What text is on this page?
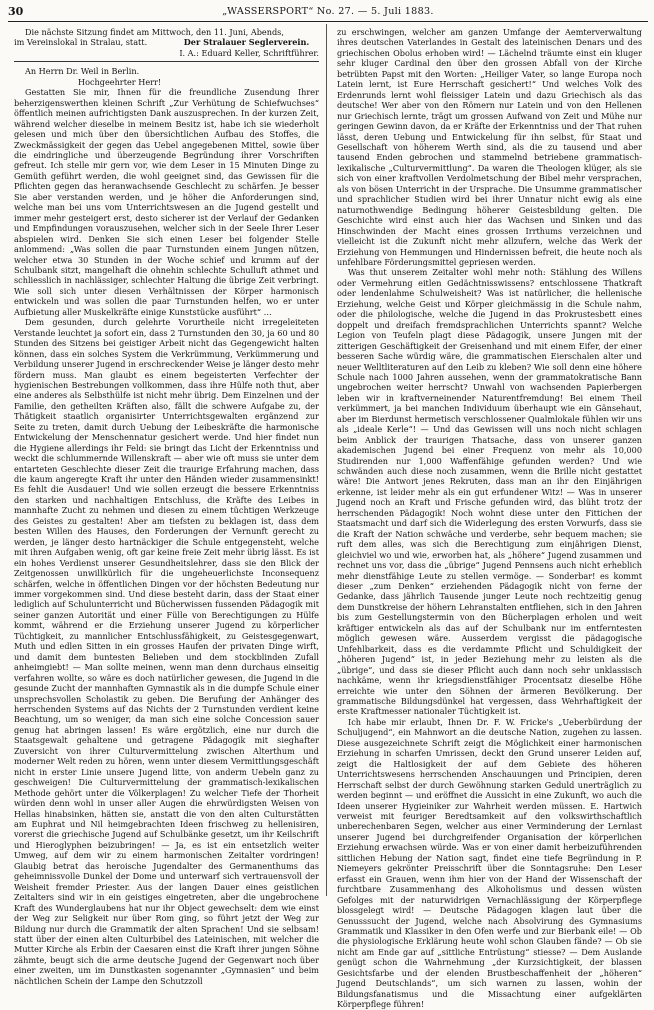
30	„WASSERSPORT“ No. 27. — 5. Juli 1883.

Die nächste Sitzung findet am Mittwoch, den 11. Juni, Abends,

im Vereinslokal in Stralau, statt.	Der Stralauer Seglerverein.

I. A.: Eduard Keller, Schriftführer.

An Herrn Dr. Weil in Berlin.

Hochgeehrter Herr!

Gestatten Sie mir, Ihnen für die freundliche Zusendung Ihrer beherzigenswerthen kleinen Schrift „Zur Verhütung de Schiefwuchses“ öffentlich meinen aufrichtigsten Dank auszusprechen. In der kurzen Zeit, während welcher dieselbe in meinem Besitz ist, habe ich sie wiederholt gelesen und mich über den übersichtlichen Aufbau des Stoffes, die Zweckmässigkeit der gegen das Uebel angegebenen Mittel, sowie über die eindringliche und überzeugende Begründung ihrer Vorschriften gefreut. Ich stelle mir gern vor, wie dem Leser in 15 Minuten Dinge zu Gemüth geführt werden, die wohl geeignet sind, das Gewissen für die Pflichten gegen das heranwachsende Geschlecht zu schärfen. Je besser Sie aber verstanden werden, und je höher die Anforderungen sind, welche man bei uns vom Unterrichtswesen an die Jugend gestellt und immer mehr gesteigert erst, desto sicherer ist der Verlauf der Gedanken und Empfindungen vorauszusehen, welcher sich in der Seele Ihrer Leser abspielen wird. Denken Sie sich einen Leser bei folgender Stelle anlommend: „Was sollen die paar Turnstunden einem Jungen nützen, welcher etwa 30 Stunden in der Woche schief und krumm auf der Schulbank sitzt, mangelhaft die ohnehin schlechte Schulluft athmet und schliesslich in nachlässiger, schlechter Haltung die übrige Zeit verbringt. Wie soll sich unter diesen Verhältnissen der Körper harmonisch entwickeln und was sollen die paar Turnstunden helfen, wo er unter Aufbietung aller Muskelkräfte einige Kunststücke ausführt“ …

Dem gesunden, durch gelehrte Vorurtheile nicht irregeleiteten Verstande leuchtet ja sofort ein, dass 2 Turnstunden den 30, ja 60 und 80 Stunden des Sitzens bei geistiger Arbeit nicht das Gegengewicht halten können, dass ein solches System die Verkrümmung, Verkümmerung und Verbildung unserer Jugend in erschreckender Weise je länger desto mehr fördern muss. Man glaubt es einem begeisterten Verfechter der hygienischen Bestrebungen vollkommen, dass ihre Hülfe noth thut, aber eine anderes als Selbsthülfe ist nicht mehr übrig. Dem Einzelnen und der Familie, den getheilten Kräften also, fällt die schwere Aufgabe zu, der Thätigkeit staatlich organisirter Unterrichtsgewalten ergänzend zur Seite zu treten, damit durch Uebung der Leibeskräfte die harmonische Entwickelung der Menschennatur gesichert werde. Und hier findet nun die Hygiene allerdings ihr Feld: sie bringt das Licht der Erkenntniss und weckt die schlummernde Willenskraft — aber wie oft muss sie unter dem entarteten Geschlechte dieser Zeit die traurige Erfahrung machen, dass die kaum angeregte Kraft ihr unter den Händen wieder zusammensinkt! Es fehlt die Ausdauer! Und wie sollen erzeugt die bessere Erkenntniss den starken und nachhaltigen Entschluss, die Kräfte des Leibes in mannhafte Zucht zu nehmen und diesen zu einem tüchtigen Werkzeuge des Geistes zu gestalten! Aber am tiefsten zu beklagen ist, dass dem besten Willen des Hauses, den Forderungen der Vernunft gerecht zu werden, je länger desto hartnäckiger die Schule entgegensteht, welche mit ihren Aufgaben wenig, oft gar keine freie Zeit mehr übrig lässt. Es ist ein hohes Verdienst unserer Gesundheitslehrer, dass sie den Blick der Zeitgenossen unwillkürlich für die ungeheuerlichste Inconsequenz schärfen, welche in öffentlichen Dingen vor der höchsten Bedeutung nur immer vorgekommen sind. Und diese besteht darin, dass der Staat einer lediglich auf Schulunterricht und Bücherwissen fussenden Pädagogik mit seiner ganzen Autorität und einer Fülle von Berechtigungen zu Hülfe kommt, während er die Erziehung unserer Jugend zu körperlicher Tüchtigkeit, zu mannlicher Entschlussfähigkeit, zu Geistesgegenwart, Muth und edlen Sitten in ein grosses Haufen der privaten Dinge wirft, und damit dem buntesten Belieben und dem stockblinden Zufall anheimgiebt! — Man sollte meinen, wenn man denn durchaus einseitig verfahren wollte, so wäre es doch natürlicher gewesen, die Jugend in die gesunde Zucht der mannhaften Gymnastik als in die dumpfe Schule einer unsprechsvollen Scholastik zu geben. Die Berufung der Anhänger des herrschenden Systems auf das Nichts der 2 Turnstunden verdient keine Beachtung, um so weniger, da man sich eine solche Concession sauer genug hat abringen lassen! Es wäre ergötzlich, eine nur durch die Staatsgewalt gehaltene und getragene Pädagogik mit sieghafter Zuversicht von ihrer Culturvermittelung zwischen Alterthum und moderner Welt reden zu hören, wenn unter diesem Vermittlungsgeschäft nicht in erster Linie unsere Jugend litte, von anderm Uebeln ganz zu geschweigen! Die Culturvermittelung der grammatisch-lexikalischen Methode gehört unter die Völkerplagen! Zu welcher Tiefe der Thorheit würden denn wohl in unser aller Augen die ehrwürdigsten Weisen von Hellas hinabsinken, hätten sie, anstatt die von den alten Culturstätten am Euphrat und Nil heimgebrachten Ideen frischweg zu hellenisiren, vorerst die griechische Jugend auf Schulbänke gesetzt, um ihr Keilschrift und Hieroglyphen beizubringen! — Ja, es ist ein entsetzlich weiter Umweg, auf dem wir zu einem harmonischen Zeitalter vordringen! Glaubig betrat das heroische Jugendalter des Germanenthums das geheimnissvolle Dunkel der Dome und unterwarf sich vertrauensvoll der Weisheit fremder Priester. Aus der langen Dauer eines geistlichen Zeitalters sind wir in ein geistiges eingetreten, aber die ungebrochene Kraft des Wunderglaubens hat nur ihr Object gewechselt: dem wie einst der Weg zur Seligkeit nur über Rom ging, so führt jetzt der Weg zur Bildung nur durch die Grammatik der alten Sprachen! Und sie selbsam! statt über der einen alten Culturbibel des Lateinischen, mit welcher die Mutter Kirche als Erbin der Caesaren einst die Kraft ihrer jungen Söhne zähmte, beugt sich die arme deutsche Jugend der Gegenwart noch über einer zweiten, um im Dunstkasten sogenannter „Gymnasien“ und beim nächtlichen Schein der Lampe den Schutzzoll

zu erschwingen, welcher am ganzen Umfange der Aemterverwaltung ihres deutschen Vaterlandes in Gestalt des lateinischen Denars und des griechischen Obolus erhoben wird! — Lächelnd träumte einst ein kluger sehr kluger Cardinal den über den grossen Abfall von der Kirche betrübten Papst mit den Worten: „Heiliger Vater, so lange Europa noch Latein lernt, ist Eure Herrschaft gesichert!“ Und welches Volk des Erdenrunds lernt wohl fleissiger Latein und dazu Griechisch als das deutsche! Wer aber von den Römern nur Latein und von den Hellenen nur Griechisch lernte, trägt um grossen Aufwand von Zeit und Mühe nur geringen Gewinn davon, da er Kräfte der Erkenntniss und der That ruhen lässt, deren Uebung und Entwickelung für ihn selbst, für Staat und Gesellschaft von höherem Werth sind, als die zu tausend und aber tausend Enden gebrochen und stammelnd betriebene grammatisch-lexikalische „Culturvermittlung“. Da waren die Theologen klüger, als sie sich von einer kraftvollen Verdolmetschung der Bibel mehr versprachen, als von bösen Unterricht in der Ursprache. Die Unsumme grammatischer und sprachlicher Studien wird bei ihrer Unnatur nicht ewig als eine naturnothwendige Bedingung höherer Geistesbildung gelten. Die Geschichte wird einst auch hier das Wachsen und Sinken und das Hinschwinden der Macht eines grossen Irrthums verzeichnen und vielleicht ist die Zukunft nicht mehr allzufern, welche das Werk der Erziehung von Hemmungen und Hindernissen befreit, die heute noch als unfehlbare Förderungsmittel gepriesen werden.

Was thut unserem Zeitalter wohl mehr noth: Stählung des Willens oder Vermehrung eitlen Gedächtnisswissens? entschlossene Thatkraft oder lendenlahme Schulweisheit? Was ist natürlicher, die hellenische Erziehung, welche Geist und Körper gleichmässig in die Schule nahm, oder die philologische, welche die Jugend in das Prokrustesbett eines doppelt und dreifach fremdsprachlichen Unterrichts spannt? Welche Legion von Teufeln plagt diese Pädagogik, unsere Jungen mit der zitterigen Geschäftigkeit der Greisenhand und mit einem Eifer, der einer besseren Sache würdig wäre, die grammatischen Eierschalen alter und neuer Welltliteraturen auf den Leib zu kleben? Wie soll denn eine höhere Schule nach 1000 Jahren aussehen, wenn der grammatokratische Bann ungebrochen weiter herrscht? Unwahl von wachsenden Papierbergen leben wir in kraftverneinender Naturentfremdung! Bei einem Theil verkümmert, ja bei manchen Individuum überhaupt wie ein Gänsehaut, aber im Bierdunst hermetisch verschlossener Qualmlokale fühlen wir uns als „ideale Kerle“! — Und das Gewissen will uns noch nicht schlagen beim Anblick der traurigen Thatsache, dass von unserer ganzen akademischen Jugend bei einer Frequenz von mehr als 10,000 Studirenden nur 1,000 Waffenfähige gefunden werden? Und wie schwänden auch diese noch zusammen, wenn die Brille nicht gestattet wäre! Die Antwort jenes Rekruten, dass man an ihr den Einjährigen erkenne, ist leider mehr als ein gut erfundener Witz! — Was in unserer Jugend noch an Kraft und Frische gefunden wird, das blüht trotz der herrschenden Pädagogik! Noch wohnt diese unter den Fittichen der Staatsmacht und darf sich die Widerlegung des ersten Vorwurfs, dass sie die Kraft der Nation schwäche und verderbe, sehr bequem machen; sie ruft dem alles, was sich die Berechtigung zum einjährigen Dienst, gleichviel wo und wie, erworben hat, als „höhere“ Jugend zusammen und rechnet uns vor, dass die „übrige“ Jugend Pennsens auch nicht erheblich mehr dienstfähige Leute zu stellen vermöge. — Sonderbar! es kommt dieser „zum Denken“ erziehenden Pädagogik nicht von ferne der Gedanke, dass jährlich Tausende junger Leute noch rechtzeitig genug dem Dunstkreise der höhern Lehranstalten entfliehen, sich in den Jahren bis zum Gestellungstermin von den Bücherplagen erholen und weit kräftiger entwickeln als das auf der Schulbank nur im entferntesten möglich gewesen wäre. Ausserdem vergisst die pädagogische Unfehlbarkeit, dass es die verdammte Pflicht und Schuldigkeit der „höheren Jugend“ ist, in jeder Beziehung mehr zu leisten als die „übrige“, und dass sie dieser Pflicht auch dann noch sehr unklassisch nachkäme, wenn ihr kriegsdienstfähiger Procentsatz dieselbe Höhe erreichte wie unter den Söhnen der ärmeren Bevölkerung. Der grammatische Bildungsdünkel hat vergessen, dass Wehrhaftigkeit der erste Kraftmesser nationaler Tüchtigkeit ist.

Ich habe mir erlaubt, Ihnen Dr. F. W. Fricke's „Ueberbürdung der Schuljugend“, ein Mahnwort an die deutsche Nation, zugehen zu lassen. Diese ausgezeichnete Schrift zeigt die Möglichkeit einer harmonischen Erziehung in scharfen Umrissen, deckt den Grund unserer Leiden auf, zeigt die Haltlosigkeit der auf dem Gebiete des höheren Unterrichtswesens herrschenden Anschauungen und Principien, deren Herrschaft selbst der durch Gewöhnung starken Geduld unerträglich zu werden beginnt — und eröffnet die Aussicht in eine Zukunft, wo auch die Ideen unserer Hygieiniker zur Wahrheit werden müssen. E. Hartwich verweist mit feuriger Beredtsamkeit auf den volkswirthschaftlich unberechenbaren Segen, welcher aus einer Verminderung der Lernlast unserer Jugend bei durchgreifender Organisation der körperlichen Erziehung erwachsen würde. Was er von einer damit herbeizuführenden sittlichen Hebung der Nation sagt, findet eine tiefe Begründung in P. Niemeyers gekrönter Preisschrift über die Sonntagsruhe: Den Leser erfasst ein Grauen, wenn ihm hier von der Hand der Wissenschaft der furchtbare Zusammenhang des Alkoholismus und dessen wüsten Gefolges mit der naturwidrigen Vernachlässigung der Körperpflege blossgelegt wird! — Deutsche Pädagogen klagen laut über die Genusssucht der Jugend, welche nach Absolvirung des Gymnasiums Grammatik und Klassiker in den Ofen werfe und zur Bierbank eile! — Ob die physiologische Erklärung heute wohl schon Glauben fände? — Ob sie nicht am Ende gar auf „sittliche Entrüstung“ stiesse? — Dem Auslande genügt schon die Wahrnehmung „der Kurzsichtigkeit, der blassen Gesichtsfarbe und der elenden Brustbeschaffenheit der „höheren“ Jugend Deutschlands“, um sich warnen zu lassen, wohin der Bildungsfanatismus und die Missachtung einer aufgeklärten Körperpflege führen!
